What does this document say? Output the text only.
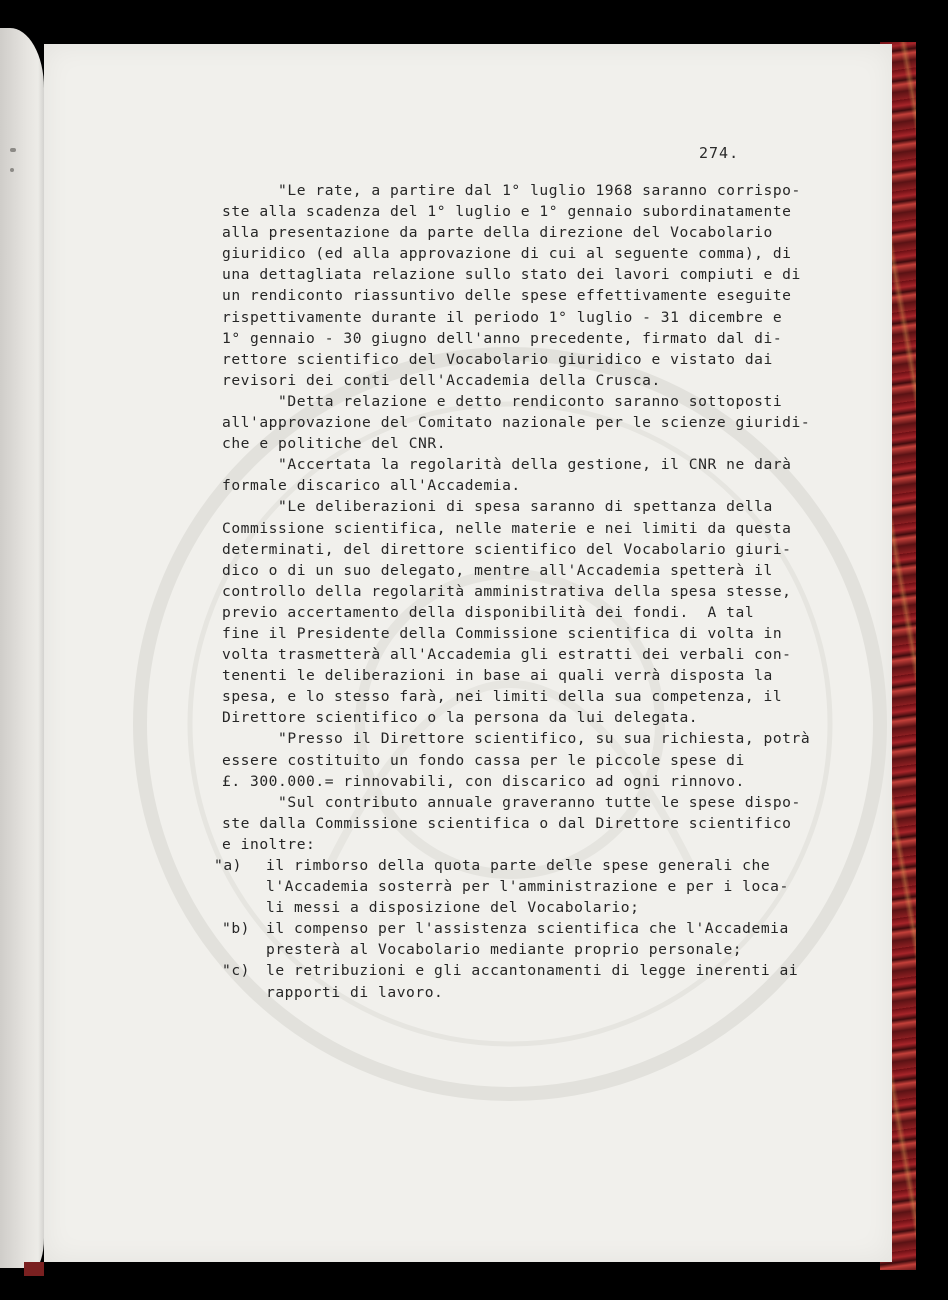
274.
"Le rate, a partire dal 1° luglio 1968 saranno corrispo-
ste alla scadenza del 1° luglio e 1° gennaio subordinatamente
alla presentazione da parte della direzione del Vocabolario
giuridico (ed alla approvazione di cui al seguente comma), di
una dettagliata relazione sullo stato dei lavori compiuti e di
un rendiconto riassuntivo delle spese effettivamente eseguite
rispettivamente durante il periodo 1° luglio - 31 dicembre e
1° gennaio - 30 giugno dell'anno precedente, firmato dal di-
rettore scientifico del Vocabolario giuridico e vistato dai
revisori dei conti dell'Accademia della Crusca.
"Detta relazione e detto rendiconto saranno sottoposti
all'approvazione del Comitato nazionale per le scienze giuridi-
che e politiche del CNR.
"Accertata la regolarità della gestione, il CNR ne darà
formale discarico all'Accademia.
"Le deliberazioni di spesa saranno di spettanza della
Commissione scientifica, nelle materie e nei limiti da questa
determinati, del direttore scientifico del Vocabolario giuri-
dico o di un suo delegato, mentre all'Accademia spetterà il
controllo della regolarità amministrativa della spesa stesse,
previo accertamento della disponibilità dei fondi.  A tal
fine il Presidente della Commissione scientifica di volta in
volta trasmetterà all'Accademia gli estratti dei verbali con-
tenenti le deliberazioni in base ai quali verrà disposta la
spesa, e lo stesso farà, nei limiti della sua competenza, il
Direttore scientifico o la persona da lui delegata.
"Presso il Direttore scientifico, su sua richiesta, potrà
essere costituito un fondo cassa per le piccole spese di
£. 300.000.= rinnovabili, con discarico ad ogni rinnovo.
"Sul contributo annuale graveranno tutte le spese dispo-
ste dalla Commissione scientifica o dal Direttore scientifico
e inoltre:
"a)	il rimborso della quota parte delle spese generali che
l'Accademia sosterrà per l'amministrazione e per i loca-
li messi a disposizione del Vocabolario;
"b)	il compenso per l'assistenza scientifica che l'Accademia
presterà al Vocabolario mediante proprio personale;
"c)	le retribuzioni e gli accantonamenti di legge inerenti ai
rapporti di lavoro.
